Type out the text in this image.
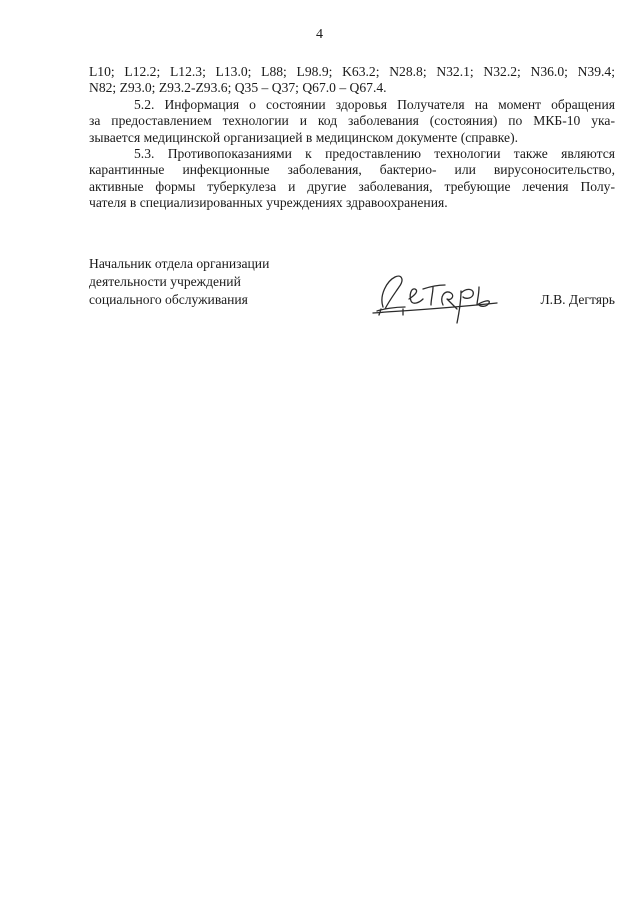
4
L10; L12.2; L12.3; L13.0; L88; L98.9; K63.2; N28.8; N32.1; N32.2; N36.0; N39.4;
N82; Z93.0; Z93.2-Z93.6; Q35 – Q37; Q67.0 – Q67.4.
5.2. Информация о состоянии здоровья Получателя на момент обращения
за предоставлением технологии и код заболевания (состояния) по МКБ-10 ука-
зывается медицинской организацией в медицинском документе (справке).
5.3. Противопоказаниями к предоставлению технологии также являются
карантинные инфекционные заболевания, бактерио- или вирусоносительство,
активные формы туберкулеза и другие заболевания, требующие лечения Полу-
чателя в специализированных учреждениях здравоохранения.
Начальник отдела организации
деятельности учреждений
социального обслуживания	Л.В. Дегтярь
